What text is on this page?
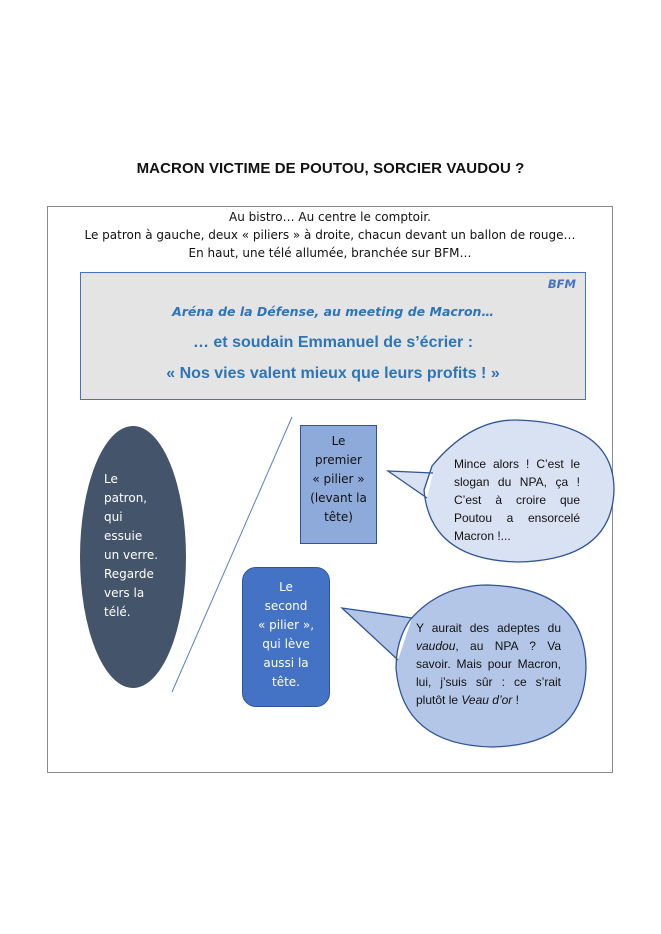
MACRON VICTIME DE POUTOU, SORCIER VAUDOU ?
Au bistro… Au centre le comptoir.
Le patron à gauche, deux « piliers » à droite, chacun devant un ballon de rouge…
En haut, une télé allumée, branchée sur BFM…
BFM
Aréna de la Défense, au meeting de Macron…
… et soudain Emmanuel de s’écrier :
« Nos vies valent mieux que leurs profits ! »
Le
patron,
qui
essuie
un verre.
Regarde
vers la
télé.
Le
premier
« pilier »
(levant la
tête)
Le
second
« pilier »,
qui lève
aussi la
tête.
Mince alors ! C’est le slogan du NPA, ça ! C’est à croire que Poutou a ensorcelé Macron !...
Y aurait des adeptes du vaudou, au NPA ? Va savoir. Mais pour Macron, lui, j’suis sûr : ce s’rait plutôt le Veau d’or !
